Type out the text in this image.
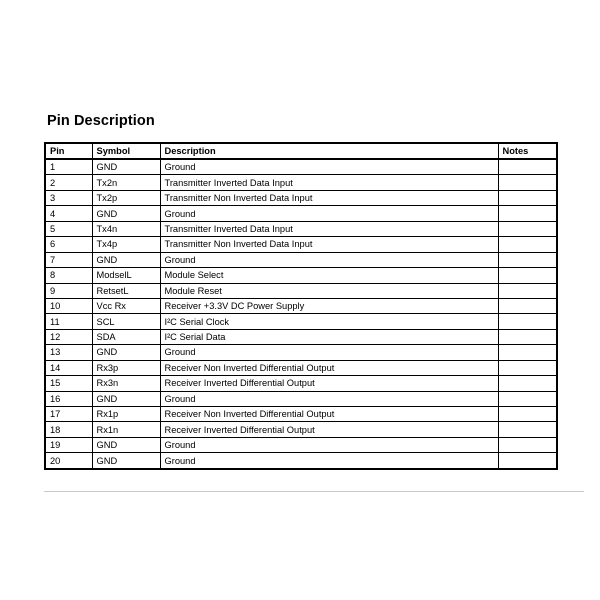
Pin Description
Pin	Symbol	Description	Notes
1	GND	Ground	
2	Tx2n	Transmitter Inverted Data Input	
3	Tx2p	Transmitter Non Inverted Data Input	
4	GND	Ground	
5	Tx4n	Transmitter Inverted Data Input	
6	Tx4p	Transmitter Non Inverted Data Input	
7	GND	Ground	
8	ModselL	Module Select	
9	RetsetL	Module Reset	
10	Vcc Rx	Receiver +3.3V DC Power Supply	
11	SCL	I²C Serial Clock	
12	SDA	I²C Serial Data	
13	GND	Ground	
14	Rx3p	Receiver Non Inverted Differential Output	
15	Rx3n	Receiver Inverted Differential Output	
16	GND	Ground	
17	Rx1p	Receiver Non Inverted Differential Output	
18	Rx1n	Receiver Inverted Differential Output	
19	GND	Ground	
20	GND	Ground	
